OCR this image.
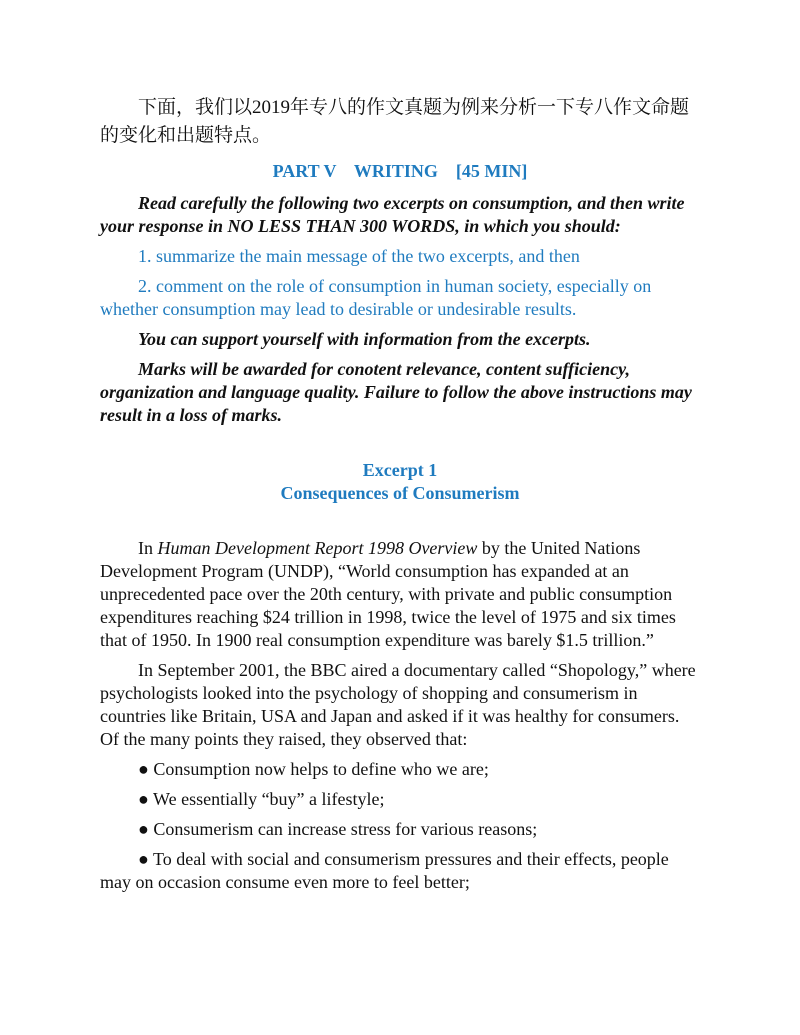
下面，我们以2019年专八的作文真题为例来分析一下专八作文命题的变化和出题特点。

PART V    WRITING    [45 MIN]

Read carefully the following two excerpts on consumption, and then write your response in NO LESS THAN 300 WORDS, in which you should:

1. summarize the main message of the two excerpts, and then

2. comment on the role of consumption in human society, especially on whether consumption may lead to desirable or undesirable results.

You can support yourself with information from the excerpts.

Marks will be awarded for conotent relevance, content sufficiency, organization and language quality. Failure to follow the above instructions may result in a loss of marks.

Excerpt 1

Consequences of Consumerism

In Human Development Report 1998 Overview by the United Nations Development Program (UNDP), “World consumption has expanded at an unprecedented pace over the 20th century, with private and public consumption expenditures reaching $24 trillion in 1998, twice the level of 1975 and six times that of 1950. In 1900 real consumption expenditure was barely $1.5 trillion.”

In September 2001, the BBC aired a documentary called “Shopology,” where psychologists looked into the psychology of shopping and consumerism in countries like Britain, USA and Japan and asked if it was healthy for consumers. Of the many points they raised, they observed that:

● Consumption now helps to define who we are;

● We essentially “buy” a lifestyle;

● Consumerism can increase stress for various reasons;

● To deal with social and consumerism pressures and their effects, people may on occasion consume even more to feel better;
